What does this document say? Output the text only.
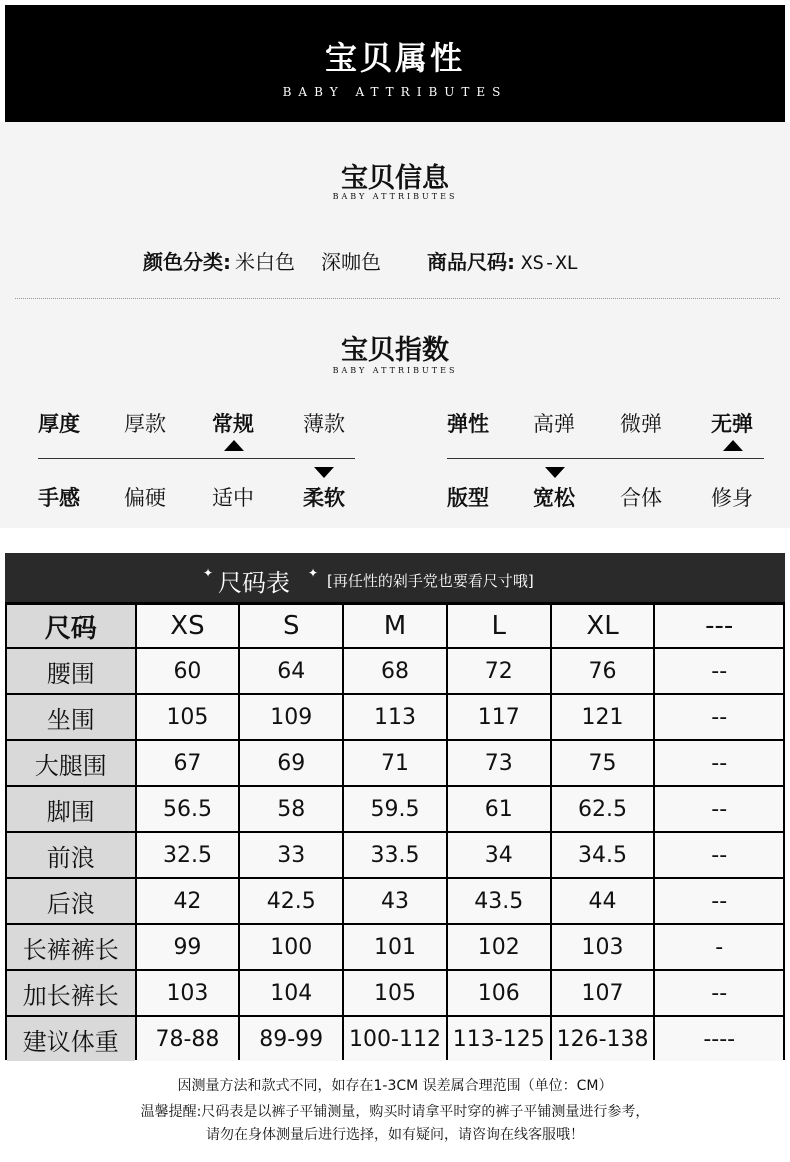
宝贝属性
BABY ATTRIBUTES
宝贝信息
BABY ATTRIBUTES
颜色分类: 米白色 深咖色 商品尺码: XS-XL
宝贝指数
BABY ATTRIBUTES
厚度 厚款 常规 薄款	弹性 高弹 微弹 无弹
手感 偏硬 适中 柔软	版型 宽松 合体 修身
✦ 尺码表 ✦ [再任性的剁手党也要看尺寸哦]
尺码	XS	S	M	L	XL	---
腰围	60	64	68	72	76	--
坐围	105	109	113	117	121	--
大腿围	67	69	71	73	75	--
脚围	56.5	58	59.5	61	62.5	--
前浪	32.5	33	33.5	34	34.5	--
后浪	42	42.5	43	43.5	44	--
长裤裤长	99	100	101	102	103	-
加长裤长	103	104	105	106	107	--
建议体重	78-88	89-99	100-112	113-125	126-138	----
因测量方法和款式不同，如存在1-3CM 误差属合理范围（单位：CM）
温馨提醒:尺码表是以裤子平铺测量，购买时请拿平时穿的裤子平铺测量进行参考，
请勿在身体测量后进行选择，如有疑问，请咨询在线客服哦！
